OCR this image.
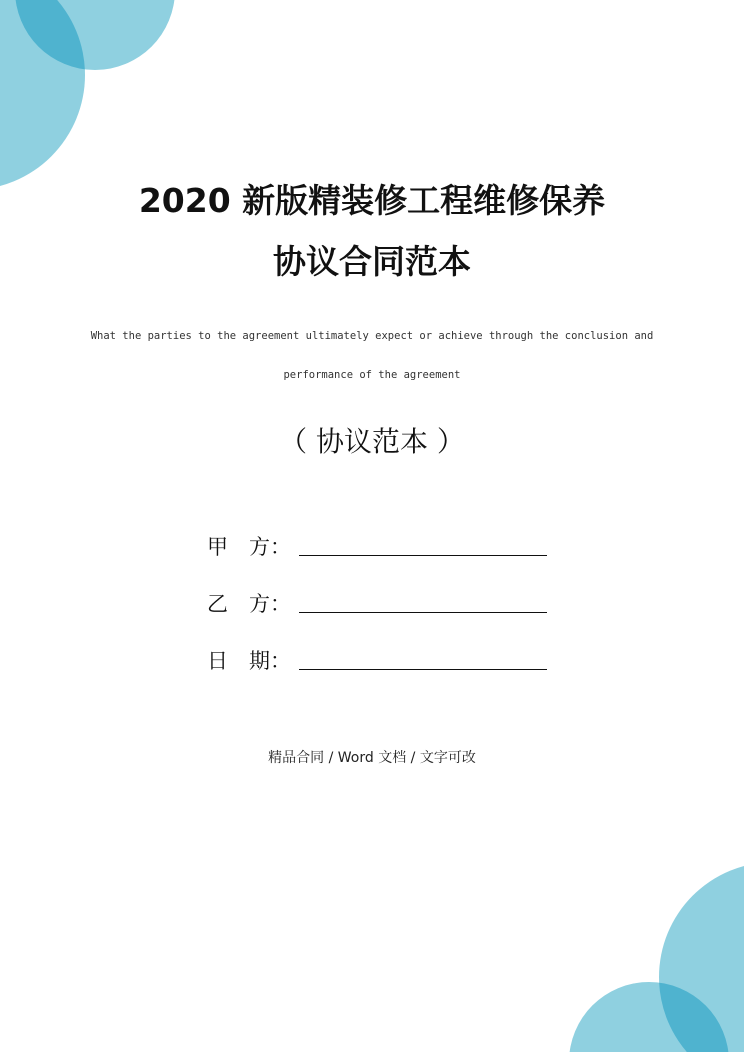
2020 新版精装修工程维修保养
协议合同范本
What the parties to the agreement ultimately expect or achieve through the conclusion and
performance of the agreement
（ 协议范本 ）
甲　方：
乙　方：
日　期：
精品合同 / Word 文档 / 文字可改
